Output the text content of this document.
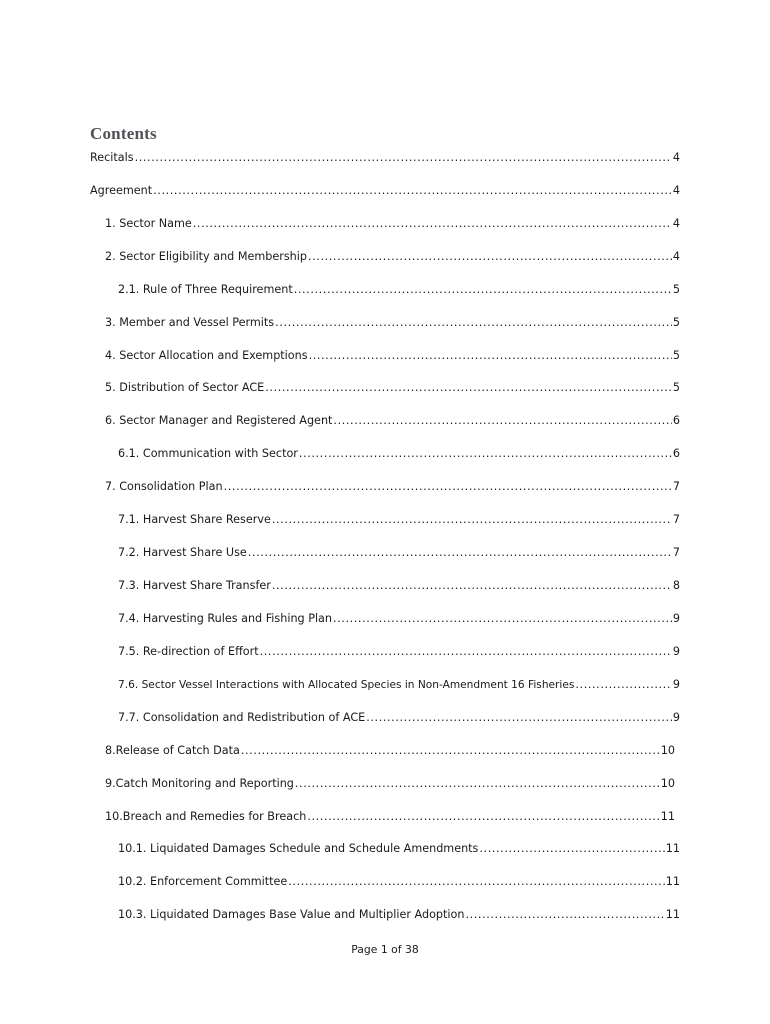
Contents
Recitals .....	4
Agreement .....	4
1. Sector Name .....	4
2. Sector Eligibility and Membership .....	4
2.1. Rule of Three Requirement .....	5
3. Member and Vessel Permits .....	5
4. Sector Allocation and Exemptions .....	5
5. Distribution of Sector ACE .....	5
6. Sector Manager and Registered Agent .....	6
6.1. Communication with Sector .....	6
7. Consolidation Plan .....	7
7.1. Harvest Share Reserve .....	7
7.2. Harvest Share Use .....	7
7.3. Harvest Share Transfer .....	8
7.4. Harvesting Rules and Fishing Plan .....	9
7.5. Re-direction of Effort .....	9
7.6. Sector Vessel Interactions with Allocated Species in Non-Amendment 16 Fisheries .....	9
7.7. Consolidation and Redistribution of ACE .....	9
8.Release of Catch Data .....	10
9.Catch Monitoring and Reporting .....	10
10.Breach and Remedies for Breach .....	11
10.1. Liquidated Damages Schedule and Schedule Amendments .....	11
10.2. Enforcement Committee .....	11
10.3. Liquidated Damages Base Value and Multiplier Adoption .....	11
Page 1 of 38
